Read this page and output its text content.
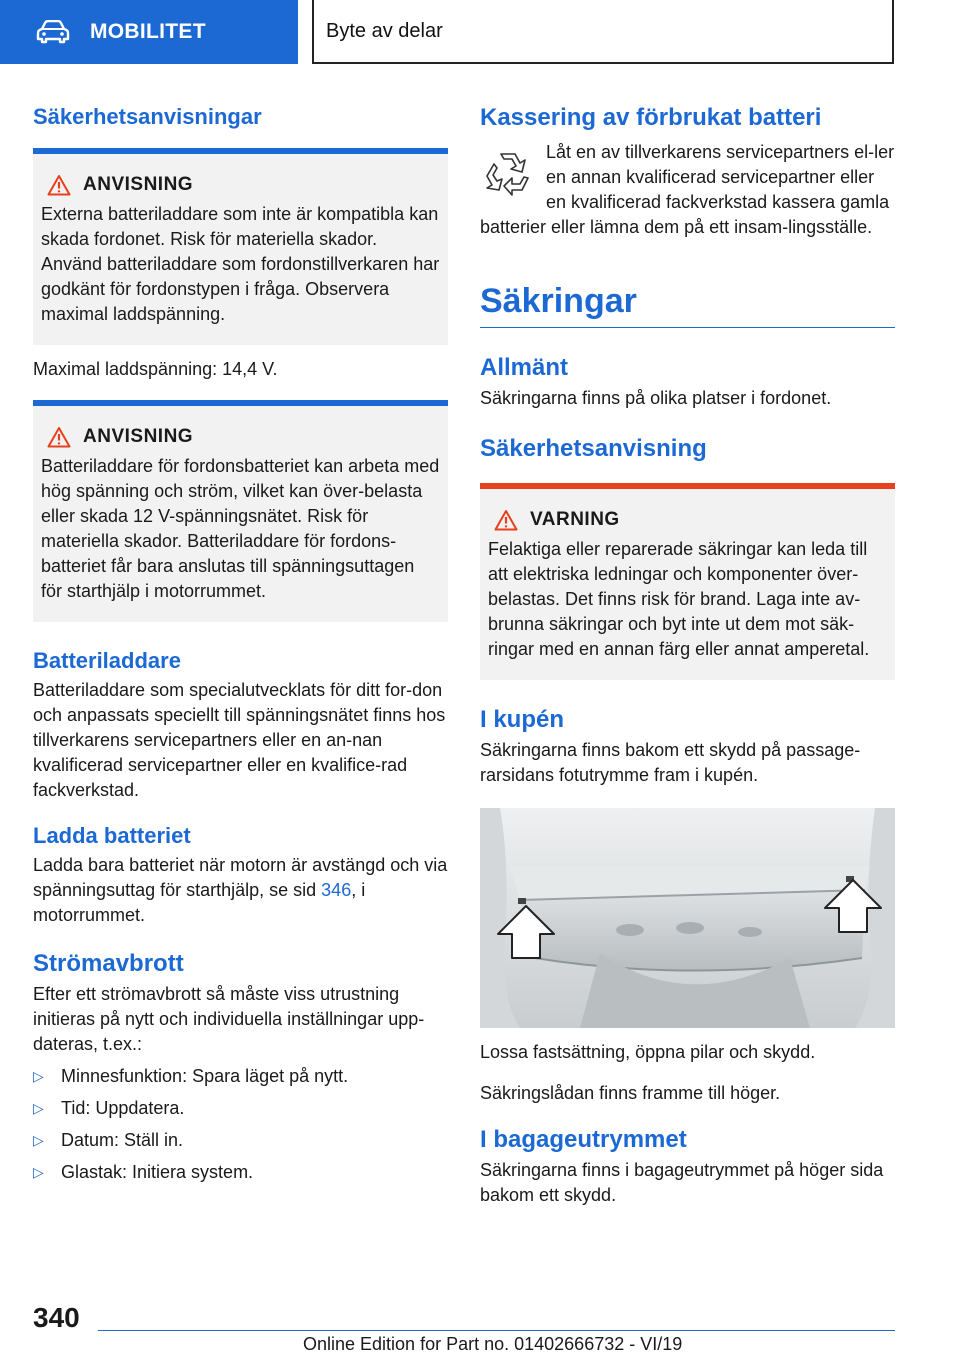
MOBILITET	Byte av delar
Säkerhetsanvisningar
ANVISNING

Externa batteriladdare som inte är kompatibla kan skada fordonet. Risk för materiella skador. Använd batteriladdare som fordonstillverkaren har godkänt för fordonstypen i fråga. Observera maximal laddspänning.

Maximal laddspänning: 14,4 V.

ANVISNING

Batteriladdare för fordonsbatteriet kan arbeta med hög spänning och ström, vilket kan över-belasta eller skada 12 V-spänningsnätet. Risk för materiella skador. Batteriladdare för fordons-batteriet får bara anslutas till spänningsuttagen för starthjälp i motorrummet.

Batteriladdare

Batteriladdare som specialutvecklats för ditt for-don och anpassats speciellt till spänningsnätet finns hos tillverkarens servicepartners eller en an-nan kvalificerad servicepartner eller en kvalifice-rad fackverkstad.

Ladda batteriet

Ladda bara batteriet när motorn är avstängd och via spänningsuttag för starthjälp, se sid 346, i motorrummet.

Strömavbrott

Efter ett strömavbrott så måste viss utrustning initieras på nytt och individuella inställningar upp-dateras, t.ex.:

▷ Minnesfunktion: Spara läget på nytt.
▷ Tid: Uppdatera.
▷ Datum: Ställ in.
▷ Glastak: Initiera system.
Kassering av förbrukat batteri

Låt en av tillverkarens servicepartners el-ler en annan kvalificerad servicepartner eller en kvalificerad fackverkstad kassera gamla batterier eller lämna dem på ett insam-lingsställe.

Säkringar
Allmänt

Säkringarna finns på olika platser i fordonet.

Säkerhetsanvisning
VARNING

Felaktiga eller reparerade säkringar kan leda till att elektriska ledningar och komponenter över-belastas. Det finns risk för brand. Laga inte av-brunna säkringar och byt inte ut dem mot säk-ringar med en annan färg eller annat amperetal.

I kupén

Säkringarna finns bakom ett skydd på passage-rarsidans fotutrymme fram i kupén.

Lossa fastsättning, öppna pilar och skydd.

Säkringslådan finns framme till höger.

I bagageutrymmet

Säkringarna finns i bagageutrymmet på höger sida bakom ett skydd.

340
Online Edition for Part no. 01402666732 - VI/19
